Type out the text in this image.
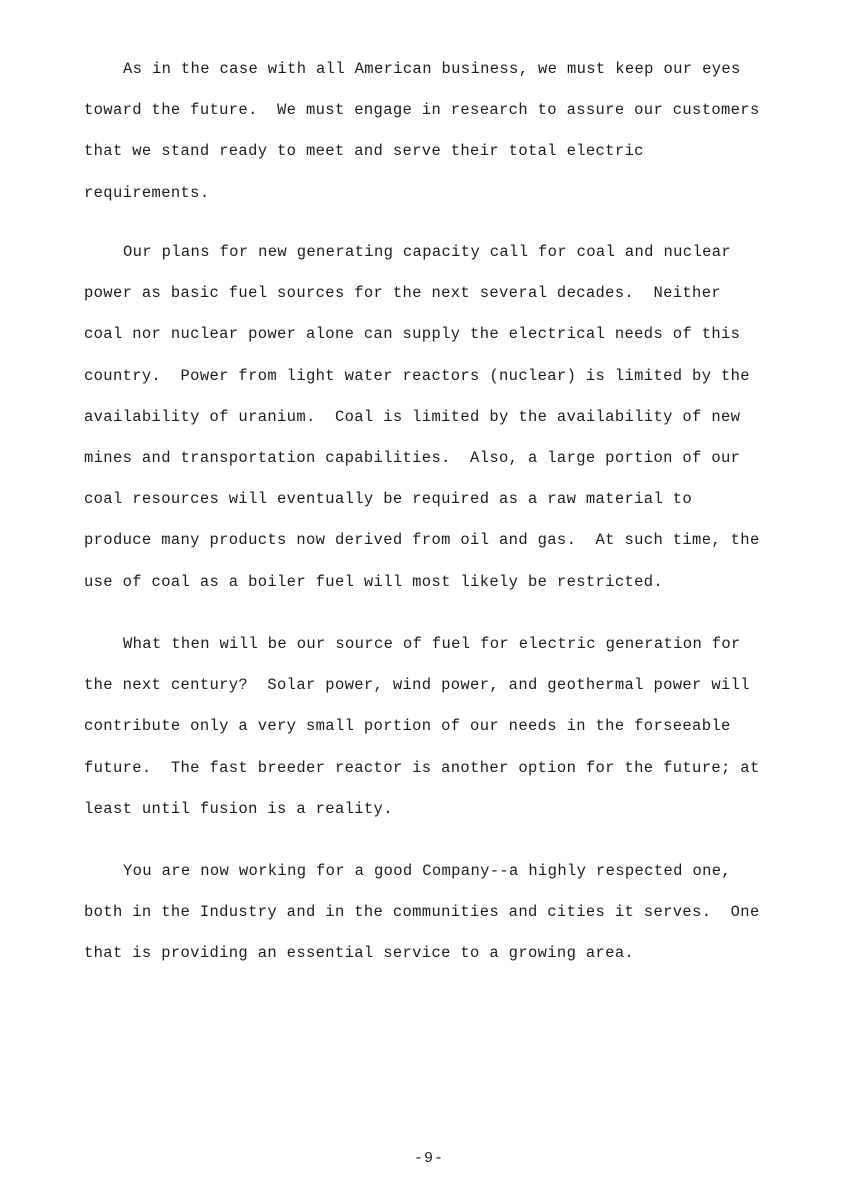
As in the case with all American business, we must keep our eyes
toward the future.  We must engage in research to assure our customers
that we stand ready to meet and serve their total electric
requirements.
Our plans for new generating capacity call for coal and nuclear
power as basic fuel sources for the next several decades.  Neither
coal nor nuclear power alone can supply the electrical needs of this
country.  Power from light water reactors (nuclear) is limited by the
availability of uranium.  Coal is limited by the availability of new
mines and transportation capabilities.  Also, a large portion of our
coal resources will eventually be required as a raw material to
produce many products now derived from oil and gas.  At such time, the
use of coal as a boiler fuel will most likely be restricted.
What then will be our source of fuel for electric generation for
the next century?  Solar power, wind power, and geothermal power will
contribute only a very small portion of our needs in the forseeable
future.  The fast breeder reactor is another option for the future; at
least until fusion is a reality.
You are now working for a good Company--a highly respected one,
both in the Industry and in the communities and cities it serves.  One
that is providing an essential service to a growing area.
-9-
